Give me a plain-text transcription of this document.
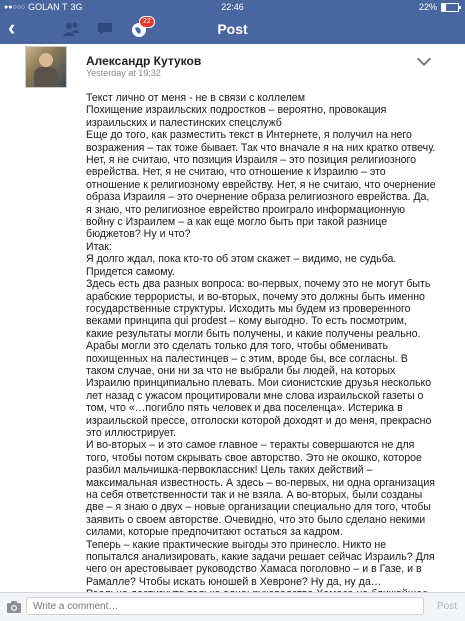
●●○○○ GOLAN T 3G	22:46	22%
‹	22	Post
Александр Кутуков
Yesterday at 19:32

Текст лично от меня - не в связи с коллелем

Похищение израильских подростков – вероятно, провокация израильских и палестинских спецслужб

Еще до того, как разместить текст в Интернете, я получил на него возражения – так тоже бывает. Так что вначале я на них кратко отвечу.

Нет, я не считаю, что позиция Израиля – это позиция религиозного еврейства. Нет, я не считаю, что отношение к Израилю – это отношение к религиозному еврейству. Нет, я не считаю, что очернение образа Израиля – это очернение образа религиозного еврейства. Да, я знаю, что религиозное еврейство проиграло информационную войну с Израилем – а как еще могло быть при такой разнице бюджетов? Ну и что?

Итак:

Я долго ждал, пока кто-то об этом скажет – видимо, не судьба. Придется самому.

Здесь есть два разных вопроса: во-первых, почему это не могут быть арабские террористы, и во-вторых, почему это должны быть именно государственные структуры. Исходить мы будем из проверенного веками принципа qui prodest – кому выгодно. То есть посмотрим, какие результаты могли быть получены, и какие получены реально.

Арабы могли это сделать только для того, чтобы обменивать похищенных на палестинцев – с этим, вроде бы, все согласны. В таком случае, они ни за что не выбрали бы людей, на которых Израилю принципиально плевать. Мои сионистские друзья несколько лет назад с ужасом процитировали мне слова израильской газеты о том, что «…погибло пять человек и два поселенца». Истерика в израильской прессе, отголоски которой доходят и до меня, прекрасно это иллюстрирует.

И во-вторых – и это самое главное – теракты совершаются не для того, чтобы потом скрывать свое авторство. Это не окошко, которое разбил мальчишка-первоклассник! Цель таких действий – максимальная известность. А здесь – во-первых, ни одна организация на себя ответственности так и не взяла. А во-вторых, были созданы две – я знаю о двух – новые организации специально для того, чтобы заявить о своем авторстве. Очевидно, что это было сделано некими силами, которые предпочитают остаться за кадром.

Теперь – какие практические выгоды это принесло. Никто не попытался анализировать, какие задачи решает сейчас Израиль? Для чего он арестовывает руководство Хамаса поголовно – и в Газе, и в Рамалле? Чтобы искать юношей в Хевроне? Ну да, ну да…

Write a comment…
Post
